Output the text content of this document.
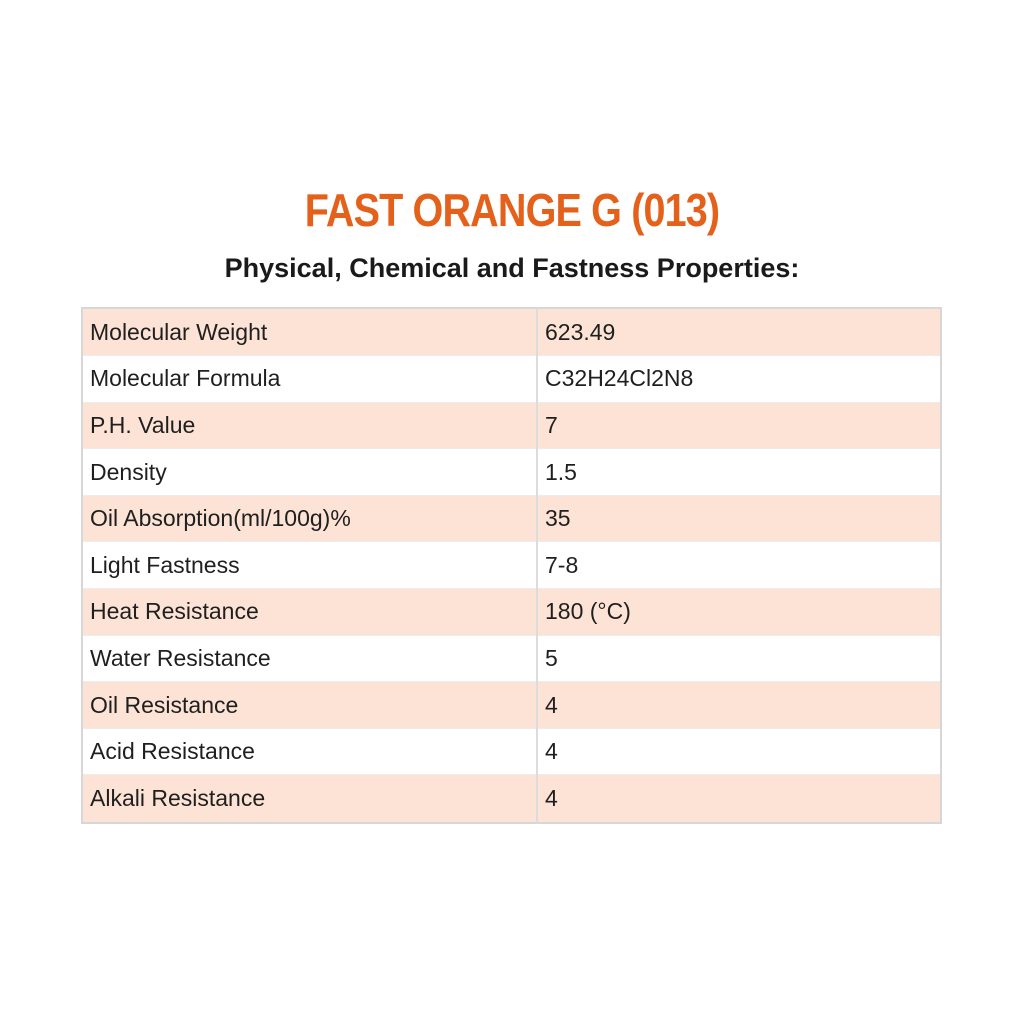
FAST ORANGE G (013)
Physical, Chemical and Fastness Properties:
Molecular Weight	623.49
Molecular Formula	C32H24Cl2N8
P.H. Value	7
Density	1.5
Oil Absorption(ml/100g)%	35
Light Fastness	7-8
Heat Resistance	180 (°C)
Water Resistance	5
Oil Resistance	4
Acid Resistance	4
Alkali Resistance	4
